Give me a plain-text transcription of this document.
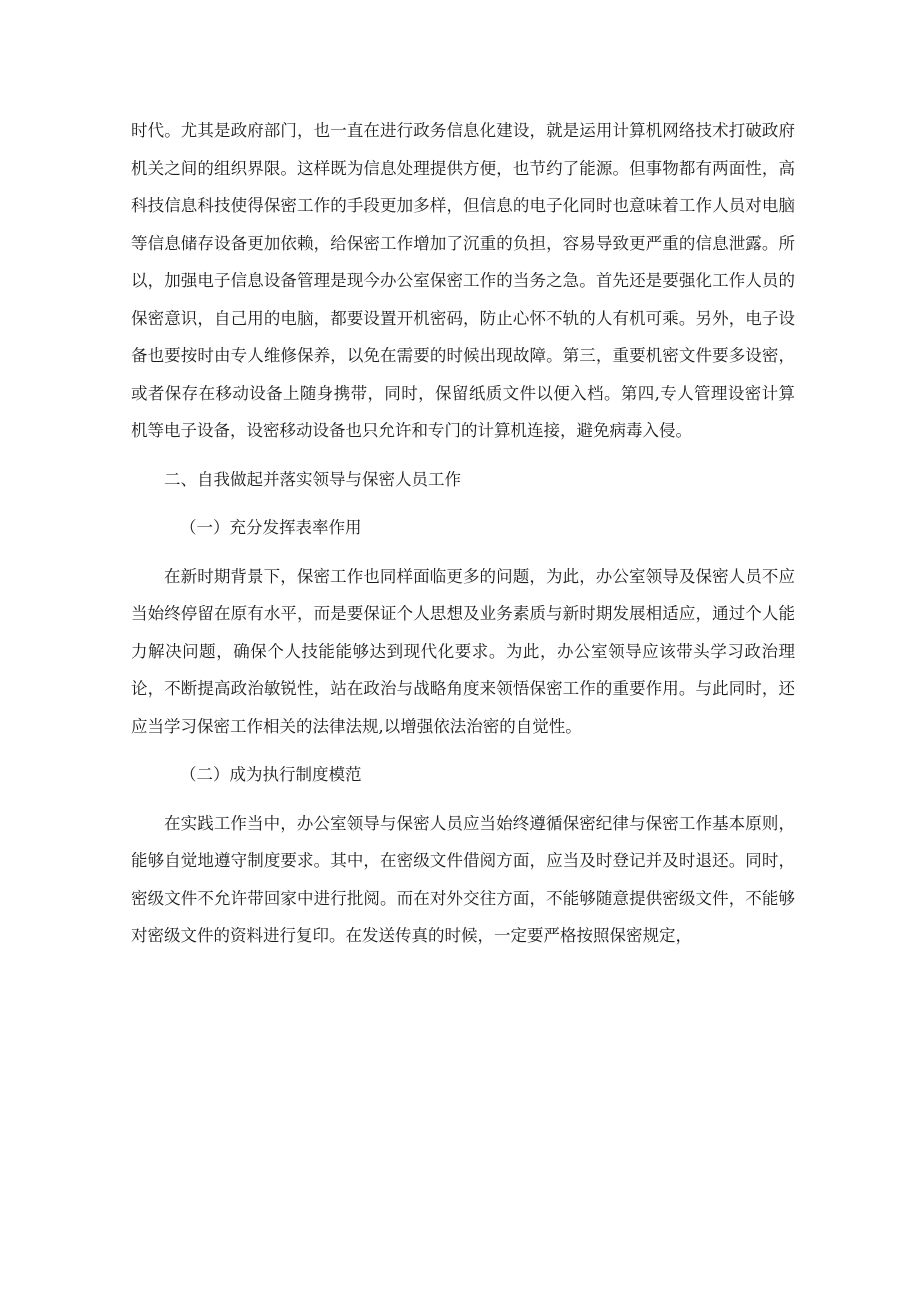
时代。尤其是政府部门，也一直在进行政务信息化建设，就是运用计算机网络技术打破政府机关之间的组织界限。这样既为信息处理提供方便，也节约了能源。但事物都有两面性，高科技信息科技使得保密工作的手段更加多样，但信息的电子化同时也意味着工作人员对电脑等信息储存设备更加依赖，给保密工作增加了沉重的负担，容易导致更严重的信息泄露。所以，加强电子信息设备管理是现今办公室保密工作的当务之急。首先还是要强化工作人员的保密意识，自己用的电脑，都要设置开机密码，防止心怀不轨的人有机可乘。另外，电子设备也要按时由专人维修保养，以免在需要的时候出现故障。第三，重要机密文件要多设密，或者保存在移动设备上随身携带，同时，保留纸质文件以便入档。第四,专人管理设密计算机等电子设备，设密移动设备也只允许和专门的计算机连接，避免病毒入侵。

二、自我做起并落实领导与保密人员工作

（一）充分发挥表率作用

在新时期背景下，保密工作也同样面临更多的问题，为此，办公室领导及保密人员不应当始终停留在原有水平，而是要保证个人思想及业务素质与新时期发展相适应，通过个人能力解决问题，确保个人技能能够达到现代化要求。为此，办公室领导应该带头学习政治理论，不断提高政治敏锐性，站在政治与战略角度来领悟保密工作的重要作用。与此同时，还应当学习保密工作相关的法律法规,以增强依法治密的自觉性。

（二）成为执行制度模范

在实践工作当中，办公室领导与保密人员应当始终遵循保密纪律与保密工作基本原则，能够自觉地遵守制度要求。其中，在密级文件借阅方面，应当及时登记并及时退还。同时，密级文件不允许带回家中进行批阅。而在对外交往方面，不能够随意提供密级文件，不能够对密级文件的资料进行复印。在发送传真的时候，一定要严格按照保密规定，
